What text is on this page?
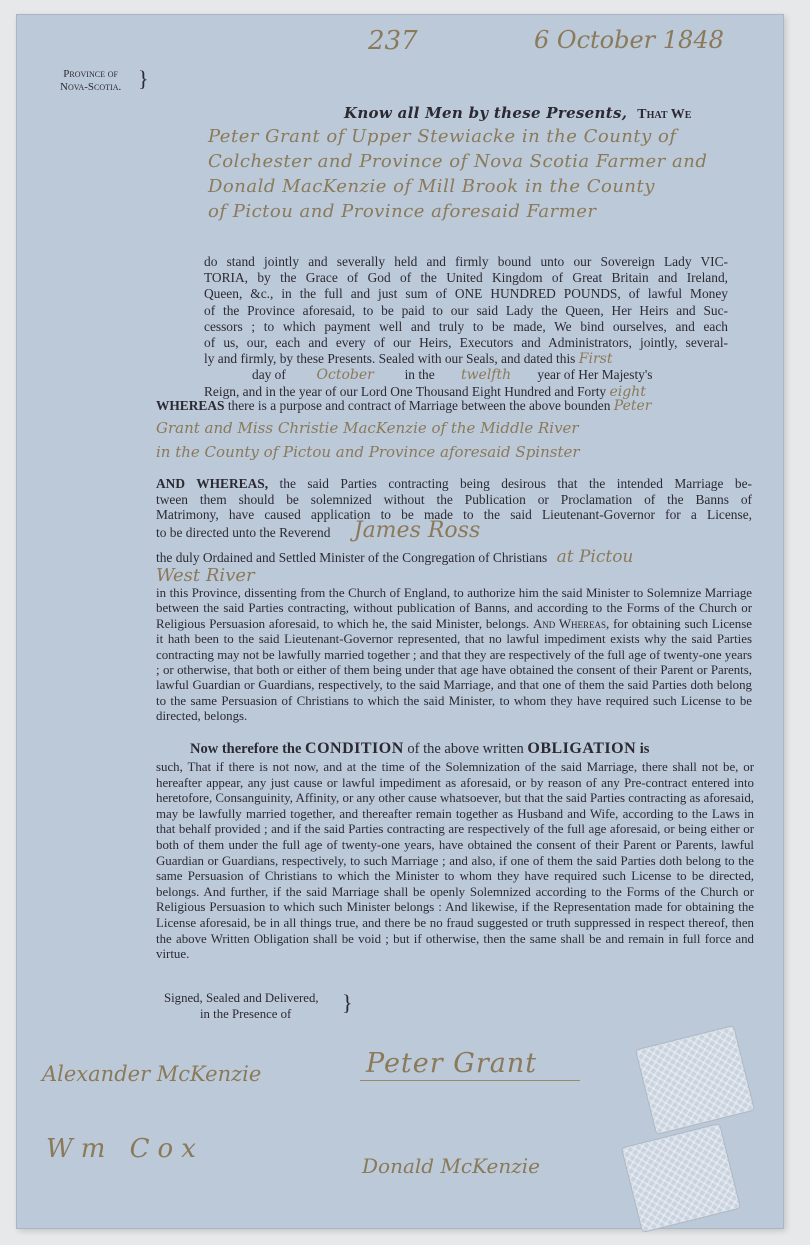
237	6 October 1848
Province of
Nova-Scotia. }
Know all Men by these Presents, That We
Peter Grant of Upper Stewiacke in the County of
Colchester and Province of Nova Scotia Farmer and
Donald MacKenzie of Mill Brook in the County
of Pictou and Province aforesaid Farmer
do stand jointly and severally held and firmly bound unto our Sovereign Lady VIC-
TORIA, by the Grace of God of the United Kingdom of Great Britain and Ireland,
Queen, &c., in the full and just sum of ONE HUNDRED POUNDS, of lawful Money
of the Province aforesaid, to be paid to our said Lady the Queen, Her Heirs and Suc-
cessors ; to which payment well and truly to be made, We bind ourselves, and each
of us, our, each and every of our Heirs, Executors and Administrators, jointly, several-
ly and firmly, by these Presents. Sealed with our Seals, and dated this First
day of October in the twelfth year of Her Majesty's
Reign, and in the year of our Lord One Thousand Eight Hundred and Forty eight
WHEREAS there is a purpose and contract of Marriage between the above bounden Peter
Grant and Miss Christie MacKenzie of the Middle River
in the County of Pictou and Province aforesaid Spinster
AND WHEREAS, the said Parties contracting being desirous that the intended Marriage be-
tween them should be solemnized without the Publication or Proclamation of the Banns of
Matrimony, have caused application to be made to the said Lieutenant-Governor for a License,
to be directed unto the Reverend James Ross
the duly Ordained and Settled Minister of the Congregation of Christians at Pictou
West River
in this Province, dissenting from the Church of England, to authorize him the said Minister to Solemnize Marriage between the said Parties contracting, without publication of Banns, and according to the Forms of the Church or Religious Persuasion aforesaid, to which he, the said Minister, belongs. And Whereas, for obtaining such License it hath been to the said Lieutenant-Governor represented, that no lawful impediment exists why the said Parties contracting may not be lawfully married together ; and that they are respectively of the full age of twenty-one years ; or otherwise, that both or either of them being under that age have obtained the consent of their Parent or Parents, lawful Guardian or Guardians, respectively, to the said Marriage, and that one of them the said Parties doth belong to the same Persuasion of Christians to which the said Minister, to whom they have required such License to be directed, belongs.
Now therefore the CONDITION of the above written OBLIGATION is
such, That if there is not now, and at the time of the Solemnization of the said Marriage, there shall not be, or hereafter appear, any just cause or lawful impediment as aforesaid, or by reason of any Pre-contract entered into heretofore, Consanguinity, Affinity, or any other cause whatsoever, but that the said Parties contracting as aforesaid, may be lawfully married together, and thereafter remain together as Husband and Wife, according to the Laws in that behalf provided ; and if the said Parties contracting are respectively of the full age aforesaid, or being either or both of them under the full age of twenty-one years, have obtained the consent of their Parent or Parents, lawful Guardian or Guardians, respectively, to such Marriage ; and also, if one of them the said Parties doth belong to the same Persuasion of Christians to which the Minister to whom they have required such License to be directed, belongs. And further, if the said Marriage shall be openly Solemnized according to the Forms of the Church or Religious Persuasion to which such Minister belongs : And likewise, if the Representation made for obtaining the License aforesaid, be in all things true, and there be no fraud suggested or truth suppressed in respect thereof, then the above Written Obligation shall be void ; but if otherwise, then the same shall be and remain in full force and virtue.
Signed, Sealed and Delivered,
in the Presence of	}
Alexander McKenzie
Wm Cox
Peter Grant
Donald McKenzie
